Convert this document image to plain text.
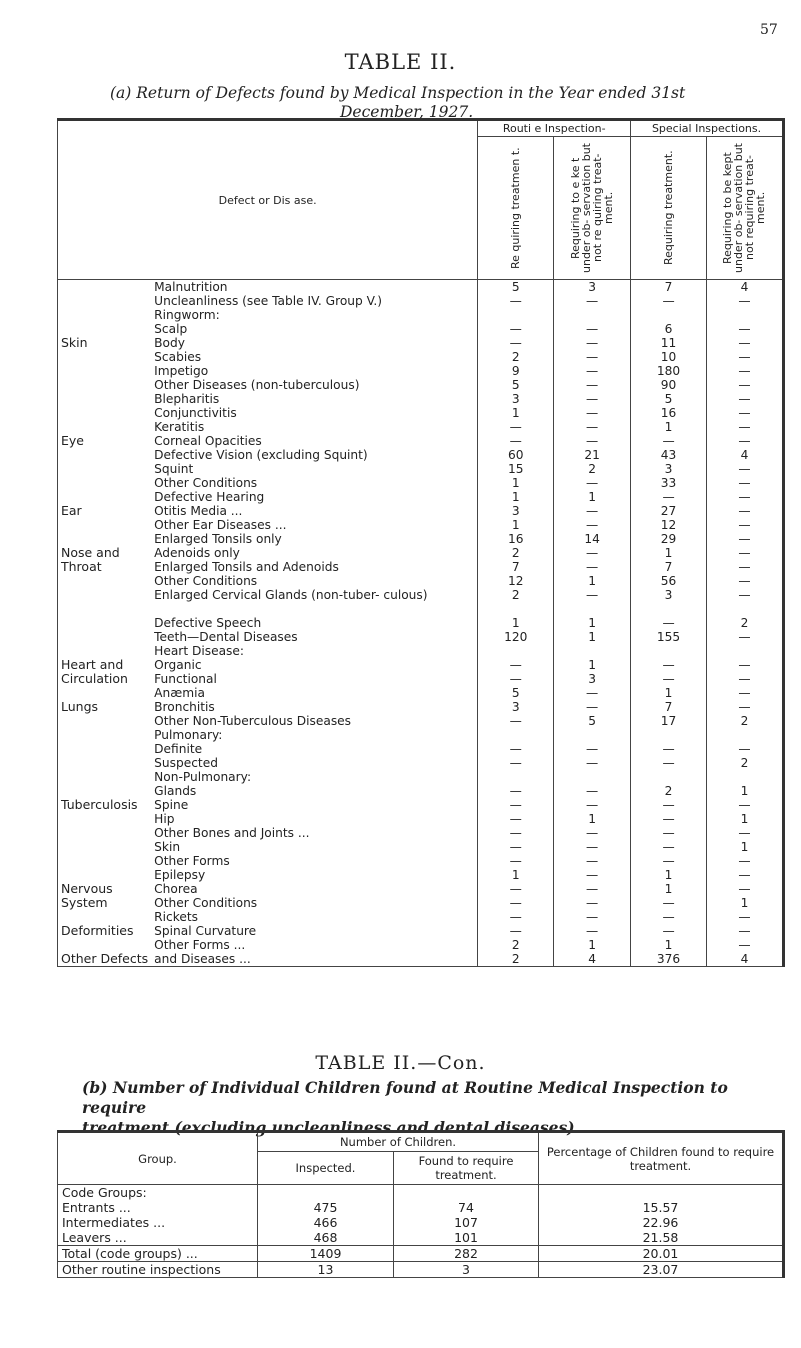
57
TABLE II.
(a) Return of Defects found by Medical Inspection in the Year ended 31st
December, 1927.
Defect or Dis ase.		Routi e Inspection-		Special Inspections.	

		Re quiring treatmen t.	Requiring to e ke t under ob- servation but not re quiring treat- ment.	Requiring treatment.	Requiring to be kept under ob- servation but not requiring treat- ment.

	Malnutrition	5	3	7	4
	Uncleanliness (see Table IV. Group V.)	—	—	—	—
	Ringworm:				
	Scalp	—	—	6	—
Skin	Body	—	—	11	—
	Scabies	2	—	10	—
	Impetigo	9	—	180	—
	Other Diseases (non-tuberculous)	5	—	90	—
	Blepharitis	3	—	5	—
	Conjunctivitis	1	—	16	—
	Keratitis	—	—	1	—
Eye	Corneal Opacities	—	—	—	—
	Defective Vision (excluding Squint)	60	21	43	4
	Squint	15	2	3	—
	Other Conditions	1	—	33	—
	Defective Hearing	1	1	—	—
Ear	Otitis Media ...	3	—	27	—
	Other Ear Diseases ...	1	—	12	—
	Enlarged Tonsils only	16	14	29	—
Nose and	Adenoids only	2	—	1	—
Throat	Enlarged Tonsils and Adenoids	7	—	7	—
	Other Conditions	12	1	56	—
	Enlarged Cervical Glands (non-tuber- culous)	2	—	3	—
	Defective Speech	1	1	—	2
	Teeth—Dental Diseases	120	1	155	—
	Heart Disease:				
Heart and	Organic	—	1	—	—
Circulation	Functional	—	3	—	—
	Anæmia	5	—	1	—
Lungs	Bronchitis	3	—	7	—
	Other Non-Tuberculous Diseases	—	5	17	2
	Pulmonary:				
	Definite	—	—	—	—
	Suspected	—	—	—	2
	Non-Pulmonary:				
	Glands	—	—	2	1
Tuberculosis	Spine	—	—	—	—
	Hip	—	1	—	1
	Other Bones and Joints ...	—	—	—	—
	Skin	—	—	—	1
	Other Forms	—	—	—	—
	Epilepsy	1	—	1	—
Nervous	Chorea	—	—	1	—
System	Other Conditions	—	—	—	1
	Rickets	—	—	—	—
Deformities	Spinal Curvature	—	—	—	—
	Other Forms ...	2	1	1	—
Other Defects	and Diseases ...	2	4	376	4
TABLE II.—Con.
(b) Number of Individual Children found at Routine Medical Inspection to require
treatment (excluding uncleanliness and dental diseases).
Group.	Number of Children.		Percentage of Children found to require treatment.
	Inspected.	Found to require treatment.	
Code Groups:			
Entrants ...	475	74	15.57
Intermediates ...	466	107	22.96
Leavers ...	468	101	21.58
Total (code groups) ...	1409	282	20.01
Other routine inspections	13	3	23.07
